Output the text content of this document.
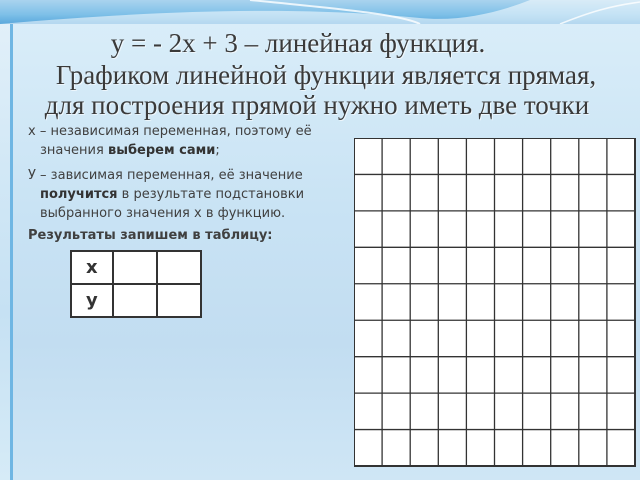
у = - 2х + 3 – линейная функция.
Графиком линейной функции является прямая,
для построения прямой нужно иметь две точки

х – независимая переменная, поэтому её
значения выберем сами;

У – зависимая переменная, её значение
получится в результате подстановки
выбранного значения х в функцию.

Результаты запишем в таблицу:

х		
у		
